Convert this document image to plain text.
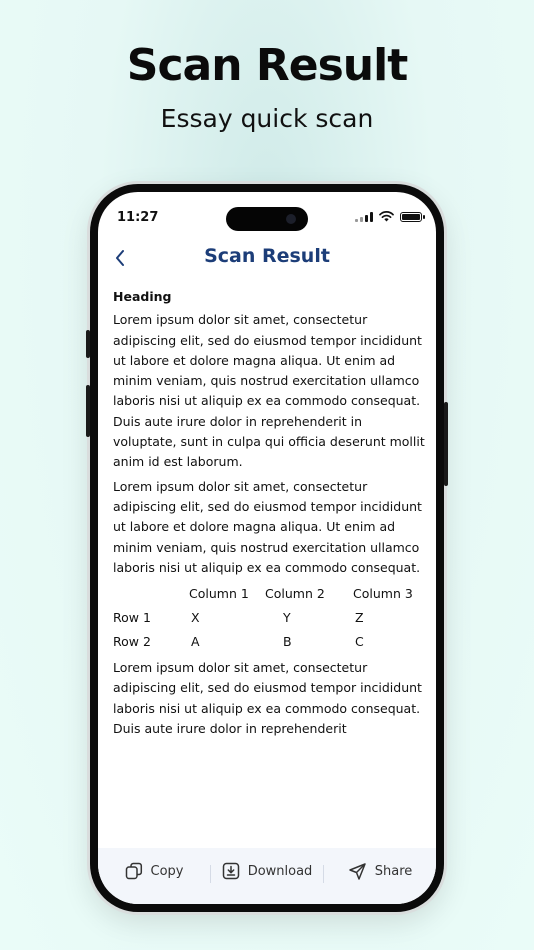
Scan Result
Essay quick scan
11:27
Scan Result
Heading
Lorem ipsum dolor sit amet, consectetur adipiscing elit, sed do eiusmod tempor incididunt ut labore et dolore magna aliqua. Ut enim ad minim veniam, quis nostrud exercitation ullamco laboris nisi ut aliquip ex ea commodo consequat. Duis aute irure dolor in reprehenderit in voluptate, sunt in culpa qui officia deserunt mollit anim id est laborum.
Lorem ipsum dolor sit amet, consectetur adipiscing elit, sed do eiusmod tempor incididunt ut labore et dolore magna aliqua. Ut enim ad minim veniam, quis nostrud exercitation ullamco laboris nisi ut aliquip ex ea commodo consequat.
	Column 1	Column 2	Column 3
Row 1	X	Y	Z
Row 2	A	B	C
Lorem ipsum dolor sit amet, consectetur adipiscing elit, sed do eiusmod tempor incididunt laboris nisi ut aliquip ex ea commodo consequat. Duis aute irure dolor in reprehenderit
Copy	Download	Share
